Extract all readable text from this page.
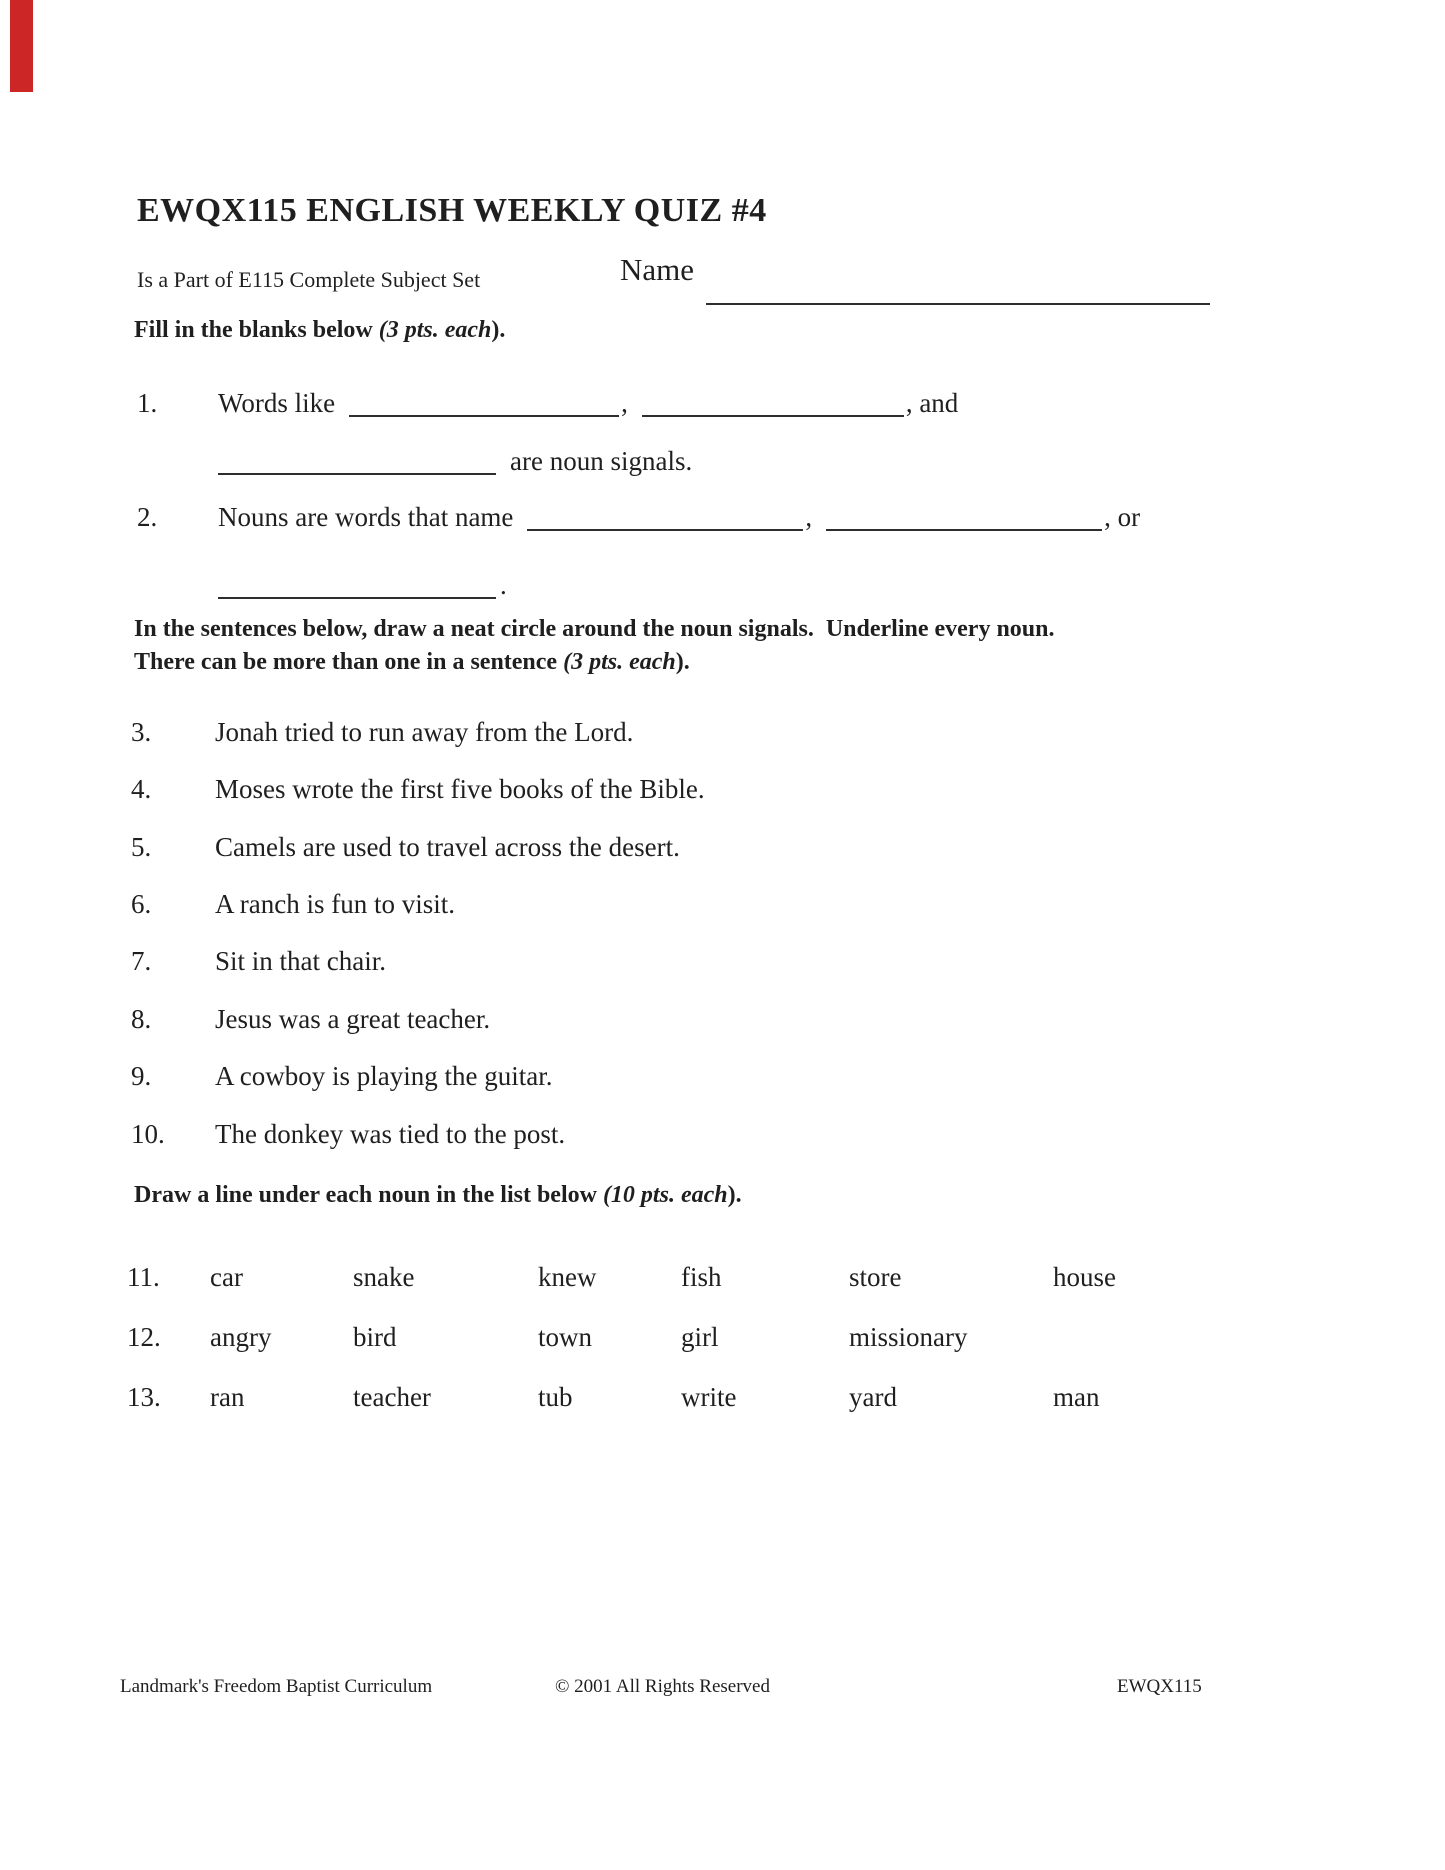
EWQX115 ENGLISH WEEKLY QUIZ #4
Is a Part of E115 Complete Subject Set	Name
Fill in the blanks below (3 pts. each).
1. Words like	,	, and
are noun signals.
2. Nouns are words that name	,	, or
.
In the sentences below, draw a neat circle around the noun signals.  Underline every noun.
There can be more than one in a sentence (3 pts. each).
3. Jonah tried to run away from the Lord.
4. Moses wrote the first five books of the Bible.
5. Camels are used to travel across the desert.
6. A ranch is fun to visit.
7. Sit in that chair.
8. Jesus was a great teacher.
9. A cowboy is playing the guitar.
10. The donkey was tied to the post.
Draw a line under each noun in the list below (10 pts. each).
11. car	snake	knew	fish	store	house
12. angry	bird	town	girl	missionary
13. ran	teacher	tub	write	yard	man
Landmark's Freedom Baptist Curriculum	© 2001 All Rights Reserved	EWQX115
